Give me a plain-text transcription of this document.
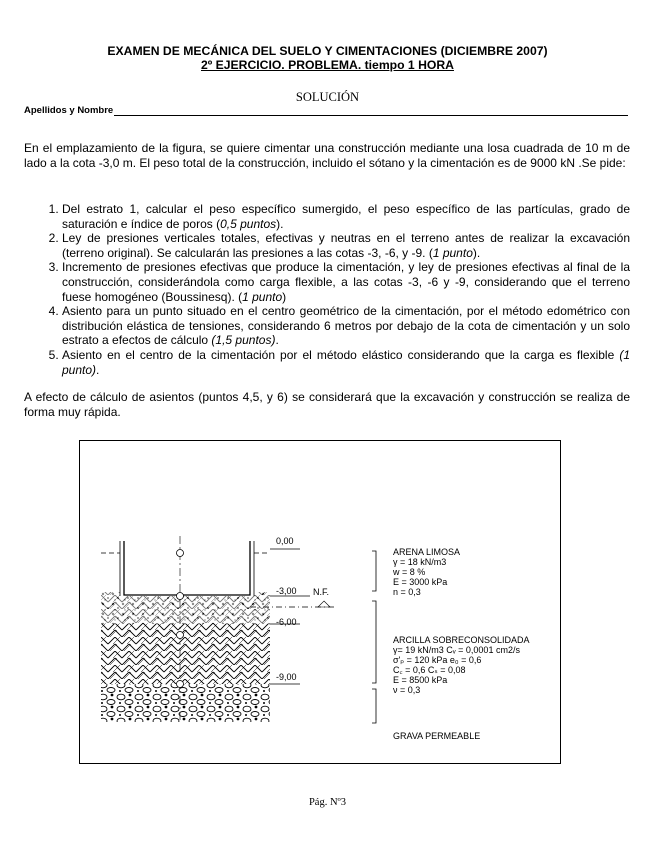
EXAMEN DE MECÁNICA DEL SUELO Y CIMENTACIONES (DICIEMBRE 2007)
2º EJERCICIO. PROBLEMA. tiempo 1 HORA
SOLUCIÓN
Apellidos y Nombre
En el emplazamiento de la figura, se quiere cimentar una construcción mediante una losa cuadrada de 10 m de lado a la cota -3,0 m. El peso total de la construcción, incluido el sótano y la cimentación es de 9000 kN .Se pide:
1. Del estrato 1, calcular el peso específico sumergido, el peso específico de las partículas, grado de saturación e índice de poros (0,5 puntos).
2. Ley de presiones verticales totales, efectivas y neutras en el terreno antes de realizar la excavación (terreno original). Se calcularán las presiones a las cotas -3, -6, y -9. (1 punto).
3. Incremento de presiones efectivas que produce la cimentación, y ley de presiones efectivas al final de la construcción, considerándola como carga flexible, a las cotas -3, -6 y -9, considerando que el terreno fuese homogéneo (Boussinesq). (1 punto)
4. Asiento para un punto situado en el centro geométrico de la cimentación, por el método edométrico con distribución elástica de tensiones, considerando 6 metros por debajo de la cota de cimentación y un solo estrato a efectos de cálculo (1,5 puntos).
5. Asiento en el centro de la cimentación por el método elástico considerando que la carga es flexible (1 punto).
A efecto de cálculo de asientos (puntos 4,5, y 6) se considerará que la excavación y construcción se realiza de forma muy rápida.
0,00
-3,00 N.F.
-6,00
-9,00
ARENA LIMOSA
γ = 18 kN/m3
w = 8 %
E = 3000 kPa
n = 0,3
ARCILLA SOBRECONSOLIDADA
γ= 19 kN/m3 Cᵥ = 0,0001 cm2/s
σ'ₚ = 120 kPa e₀ = 0,6
C꜀ = 0,6 Cₛ = 0,08
E = 8500 kPa
ν = 0,3
GRAVA PERMEABLE
Pág. Nº3
